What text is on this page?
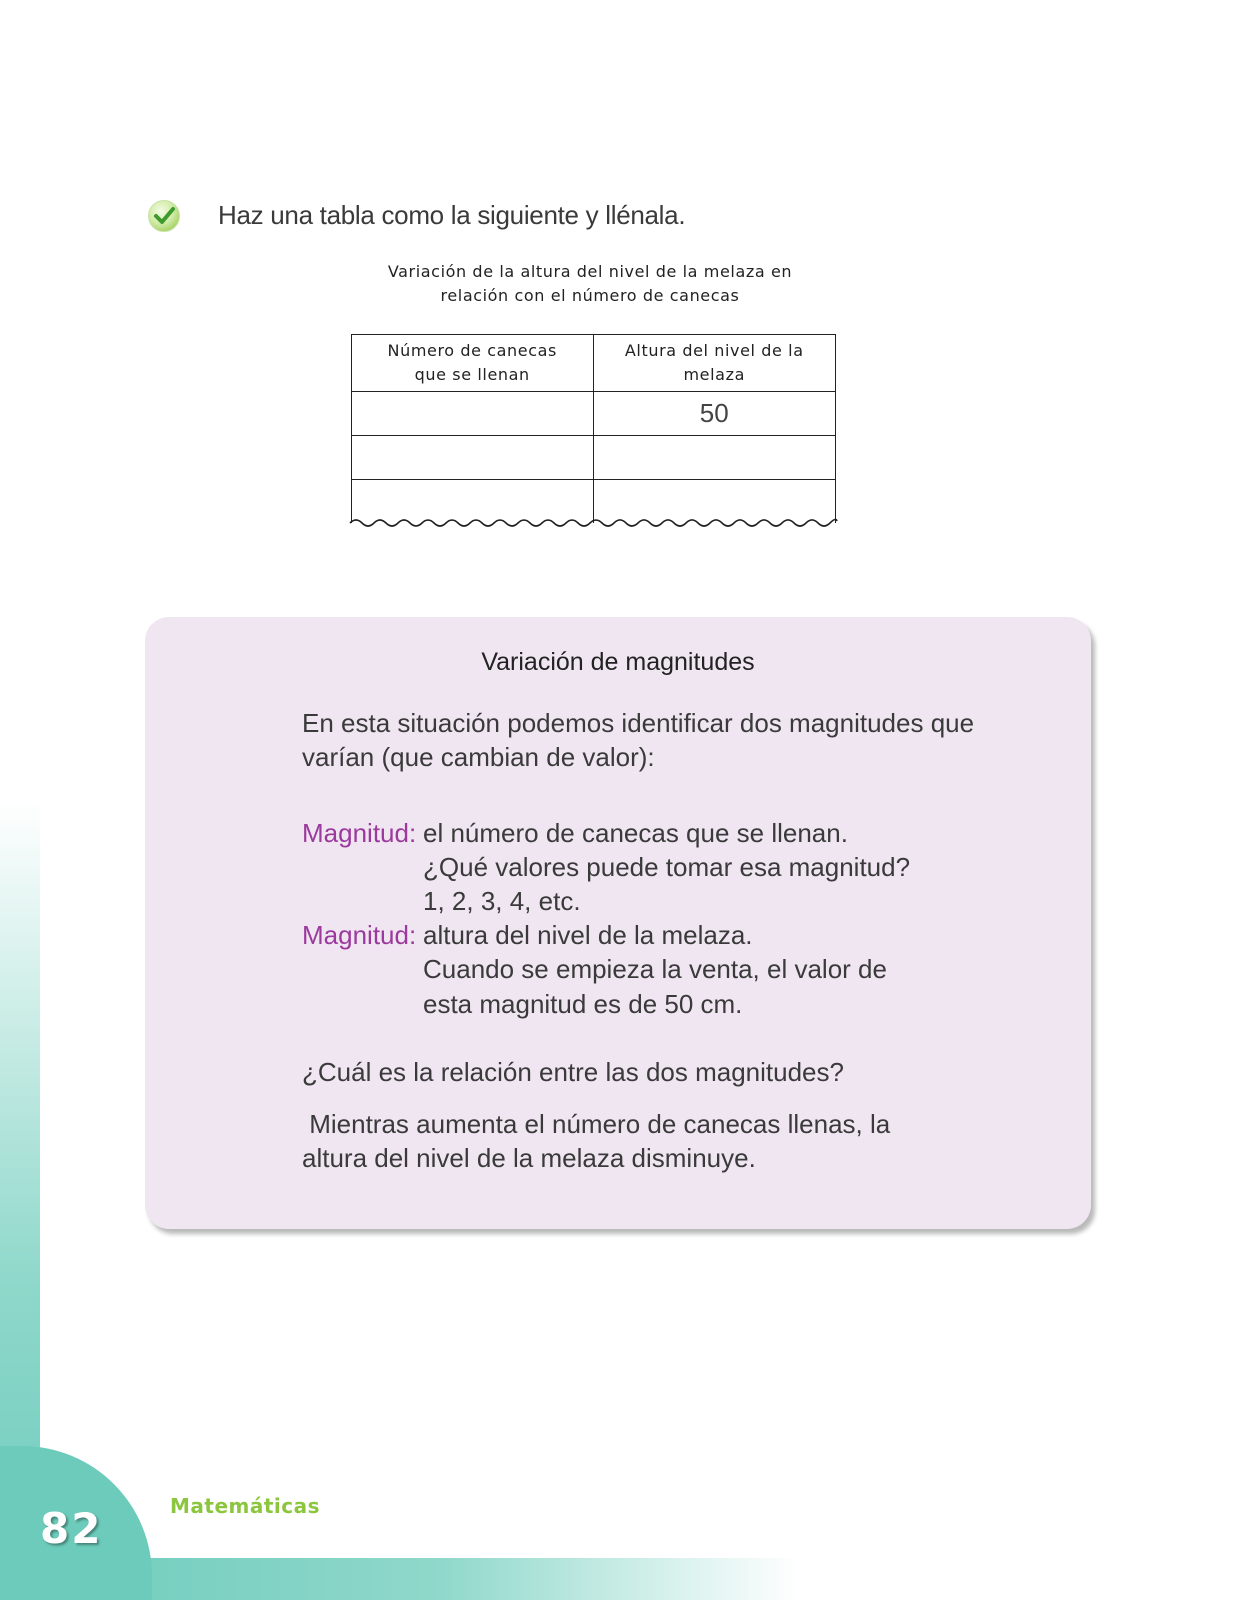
Haz una tabla como la siguiente y llénala.
Variación de la altura del nivel de la melaza en
relación con el número de canecas
Número de canecas
que se llenan
Altura del nivel de la
melaza
50
Variación de magnitudes
En esta situación podemos identificar dos magnitudes que
varían (que cambian de valor):
Magnitud: el número de canecas que se llenan.
¿Qué valores puede tomar esa magnitud?
1, 2, 3, 4, etc.
Magnitud: altura del nivel de la melaza.
Cuando se empieza la venta, el valor de
esta magnitud es de 50 cm.
¿Cuál es la relación entre las dos magnitudes?
Mientras aumenta el número de canecas llenas, la
altura del nivel de la melaza disminuye.
82	Matemáticas
